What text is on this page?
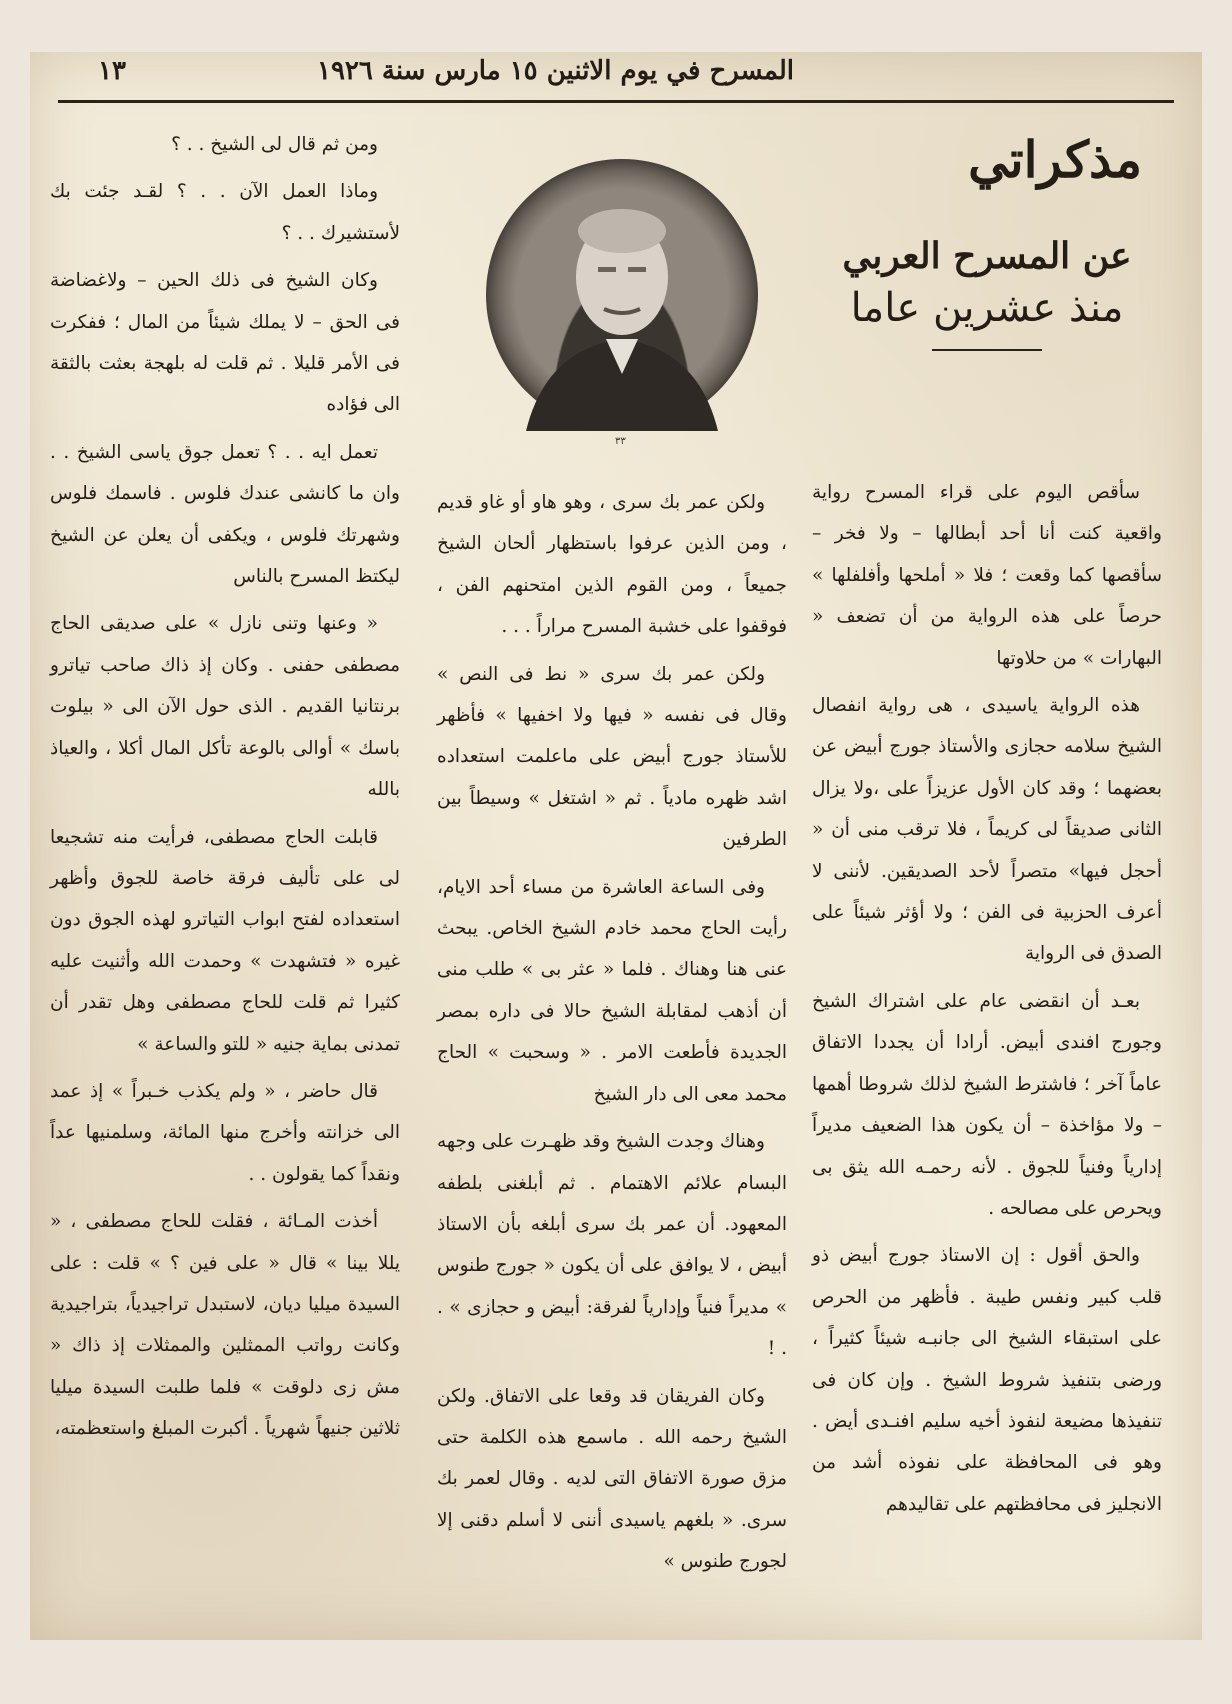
المسرح في يوم الاثنين ١٥ مارس سنة ١٩٢٦
١٣
مذكراتي
عن المسرح العربي
منذ عشرين عاما
٣٣

سأقص اليوم على قراء المسرح رواية واقعية كنت أنا أحد أبطالها – ولا فخر – سأقصها كما وقعت ؛ فلا « أملحها وأفلفلها » حرصاً على هذه الرواية من أن تضعف « البهارات » من حلاوتها

هذه الرواية ياسيدى ، هى رواية انفصال الشيخ سلامه حجازى والأستاذ جورج أبيض عن بعضهما ؛ وقد كان الأول عزيزاً على ،ولا يزال الثانى صديقاً لى كريماً ، فلا ترقب منى أن « أحجل فيها» متصراً لأحد الصديقين. لأننى لا أعرف الحزبية فى الفن ؛ ولا أؤثر شيئاً على الصدق فى الرواية

بعـد أن انقضى عام على اشتراك الشيخ وجورج افندى أبيض. أرادا أن يجددا الاتفاق عاماً آخر ؛ فاشترط الشيخ لذلك شروطا أهمها – ولا مؤاخذة – أن يكون هذا الضعيف مديراً إدارياً وفنياً للجوق . لأنه رحمـه الله يثق بى ويحرص على مصالحه .

والحق أقول : إن الاستاذ جورج أبيض ذو قلب كبير ونفس طيبة . فأظهر من الحرص على استبقاء الشيخ الى جانبـه شيئاً كثيراً ، ورضى بتنفيذ شروط الشيخ . وإن كان فى تنفيذها مضيعة لنفوذ أخيه سليم افنـدى أيض . وهو فى المحافظة على نفوذه أشد من الانجليز فى محافظتهم على تقاليدهم

ولكن عمر بك سرى ، وهو هاو أو غاو قديم ، ومن الذين عرفوا باستظهار ألحان الشيخ جميعاً ، ومن القوم الذين امتحنهم الفن ، فوقفوا على خشبة المسرح مراراً . . .

ولكن عمر بك سرى « نط فى النص » وقال فى نفسه « فيها ولا اخفيها » فأظهر للأستاذ جورج أبيض على ماعلمت استعداده اشد ظهره مادياً . ثم « اشتغل » وسيطاً بين الطرفين

وفى الساعة العاشرة من مساء أحد الايام، رأيت الحاج محمد خادم الشيخ الخاص. يبحث عنى هنا وهناك . فلما « عثر بى » طلب منى أن أذهب لمقابلة الشيخ حالا فى داره بمصر الجديدة فأطعت الامر . « وسحبت » الحاج محمد معى الى دار الشيخ

وهناك وجدت الشيخ وقد ظهـرت على وجهه البسام علائم الاهتمام . ثم أبلغنى بلطفه المعهود. أن عمر بك سرى أبلغه بأن الاستاذ أبيض ، لا يوافق على أن يكون « جورج طنوس » مديراً فنياً وإدارياً لفرقة: أبيض و حجازى » . . !

وكان الفريقان قد وقعا على الاتفاق. ولكن الشيخ رحمه الله . ماسمع هذه الكلمة حتى مزق صورة الاتفاق التى لديه . وقال لعمر بك سرى. « بلغهم ياسيدى أننى لا أسلم دقنى إلا لجورج طنوس »

ومن ثم قال لى الشيخ . . ؟

وماذا العمل الآن . . ؟ لقـد جئت بك لأستشيرك . . ؟

وكان الشيخ فى ذلك الحين – ولاغضاضة فى الحق – لا يملك شيئاً من المال ؛ ففكرت فى الأمر قليلا . ثم قلت له بلهجة بعثت بالثقة الى فؤاده

تعمل ايه . . ؟ تعمل جوق ياسى الشيخ . . وان ما كانشى عندك فلوس . فاسمك فلوس وشهرتك فلوس ، ويكفى أن يعلن عن الشيخ ليكتظ المسرح بالناس

« وعنها وتنى نازل » على صديقى الحاج مصطفى حفنى . وكان إذ ذاك صاحب تياترو برنتانيا القديم . الذى حول الآن الى « بيلوت باسك » أوالى بالوعة تأكل المال أكلا ، والعياذ بالله

قابلت الحاج مصطفى، فرأيت منه تشجيعا لى على تأليف فرقة خاصة للجوق وأظهر استعداده لفتح ابواب التياترو لهذه الجوق دون غيره « فتشهدت » وحمدت الله وأثنيت عليه كثيرا ثم قلت للحاج مصطفى وهل تقدر أن تمدنى بماية جنيه « للتو والساعة »

قال حاضر ، « ولم يكذب خـبراً » إذ عمد الى خزانته وأخرج منها المائة، وسلمنيها عداً ونقداً كما يقولون . .

أخذت المـائة ، فقلت للحاج مصطفى ، « يللا بينا » قال « على فين ؟ » قلت : على السيدة ميليا ديان، لاستبدل تراجيدياً، بتراجيدية وكانت رواتب الممثلين والممثلات إذ ذاك « مش زى دلوقت » فلما طلبت السيدة ميليا ثلاثين جنيهاً شهرياً . أكبرت المبلغ واستعظمته،
